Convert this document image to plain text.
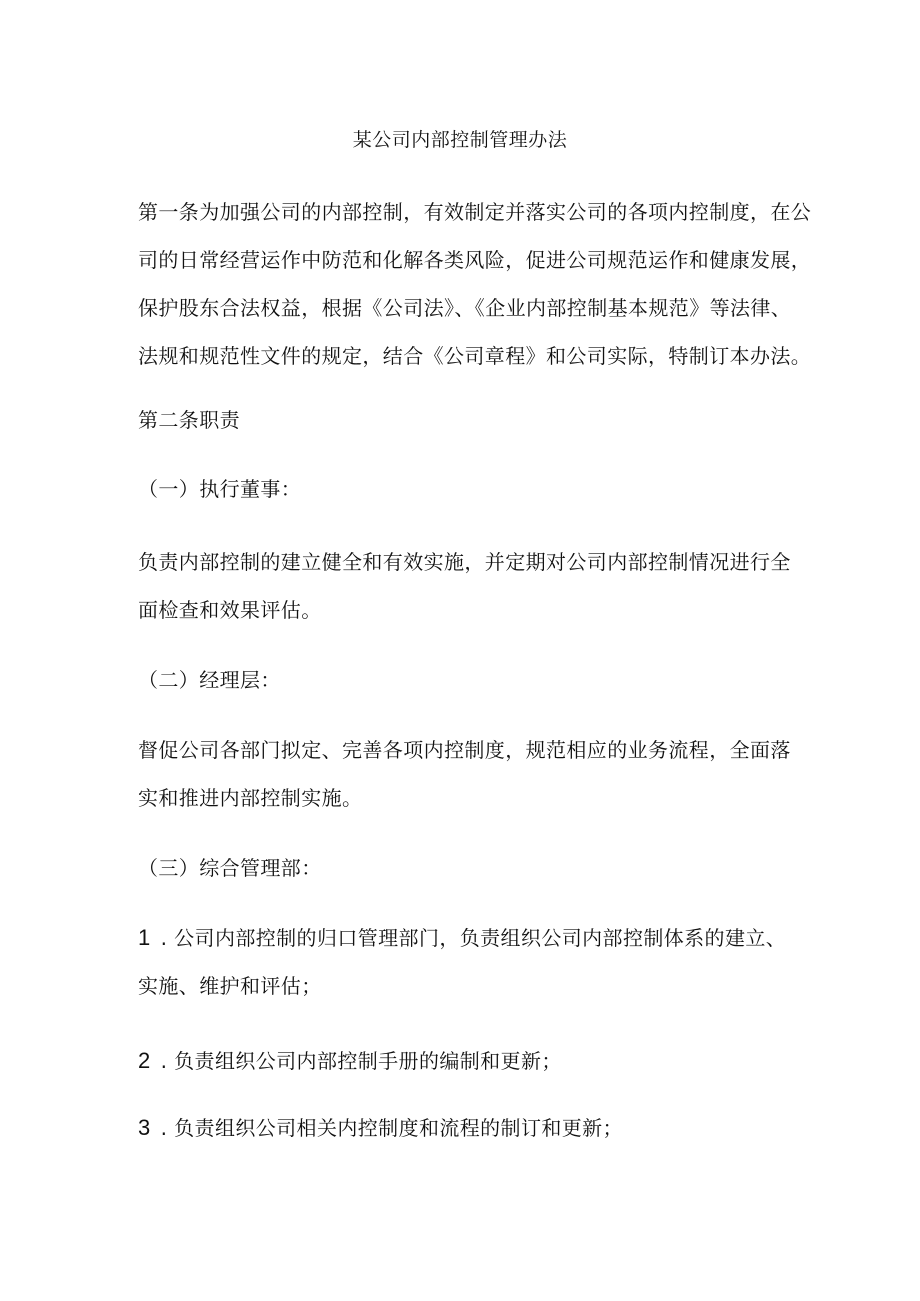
某公司内部控制管理办法
第一条为加强公司的内部控制，有效制定并落实公司的各项内控制度，在公
司的日常经营运作中防范和化解各类风险，促进公司规范运作和健康发展，
保护股东合法权益，根据《公司法》、《企业内部控制基本规范》等法律、
法规和规范性文件的规定，结合《公司章程》和公司实际，特制订本办法。
第二条职责
（一）执行董事：
负责内部控制的建立健全和有效实施，并定期对公司内部控制情况进行全
面检查和效果评估。
（二）经理层：
督促公司各部门拟定、完善各项内控制度，规范相应的业务流程，全面落
实和推进内部控制实施。
（三）综合管理部：
1 . 公司内部控制的归口管理部门，负责组织公司内部控制体系的建立、
实施、维护和评估；
2 . 负责组织公司内部控制手册的编制和更新；
3 . 负责组织公司相关内控制度和流程的制订和更新；
